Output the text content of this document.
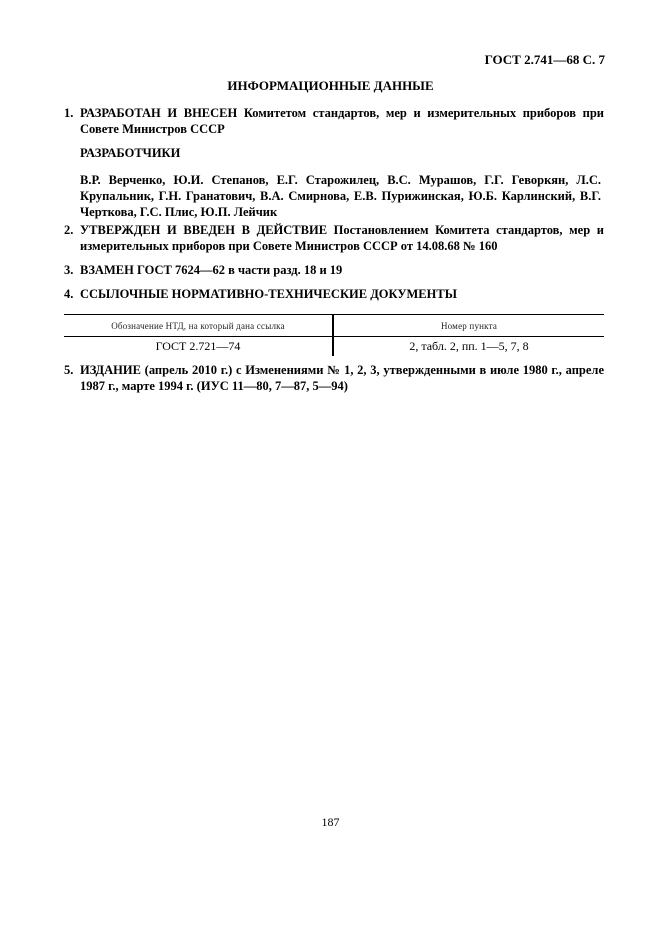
ГОСТ 2.741—68 С. 7
ИНФОРМАЦИОННЫЕ ДАННЫЕ
1. РАЗРАБОТАН И ВНЕСЕН Комитетом стандартов, мер и измерительных приборов при Совете Министров СССР
РАЗРАБОТЧИКИ
В.Р. Верченко, Ю.И. Степанов, Е.Г. Старожилец, В.С. Мурашов, Г.Г. Геворкян, Л.С. Крупальник, Г.Н. Гранатович, В.А. Смирнова, Е.В. Пурижинская, Ю.Б. Карлинский, В.Г. Черткова, Г.С. Плис, Ю.П. Лейчик
2. УТВЕРЖДЕН И ВВЕДЕН В ДЕЙСТВИЕ Постановлением Комитета стандартов, мер и измерительных приборов при Совете Министров СССР от 14.08.68 № 160
3. ВЗАМЕН ГОСТ 7624—62 в части разд. 18 и 19
4. ССЫЛОЧНЫЕ НОРМАТИВНО-ТЕХНИЧЕСКИЕ ДОКУМЕНТЫ
Обозначение НТД, на который дана ссылка	Номер пункта
ГОСТ 2.721—74	2, табл. 2, пп. 1—5, 7, 8
5. ИЗДАНИЕ (апрель 2010 г.) с Изменениями № 1, 2, 3, утвержденными в июле 1980 г., апреле 1987 г., марте 1994 г. (ИУС 11—80, 7—87, 5—94)
187
